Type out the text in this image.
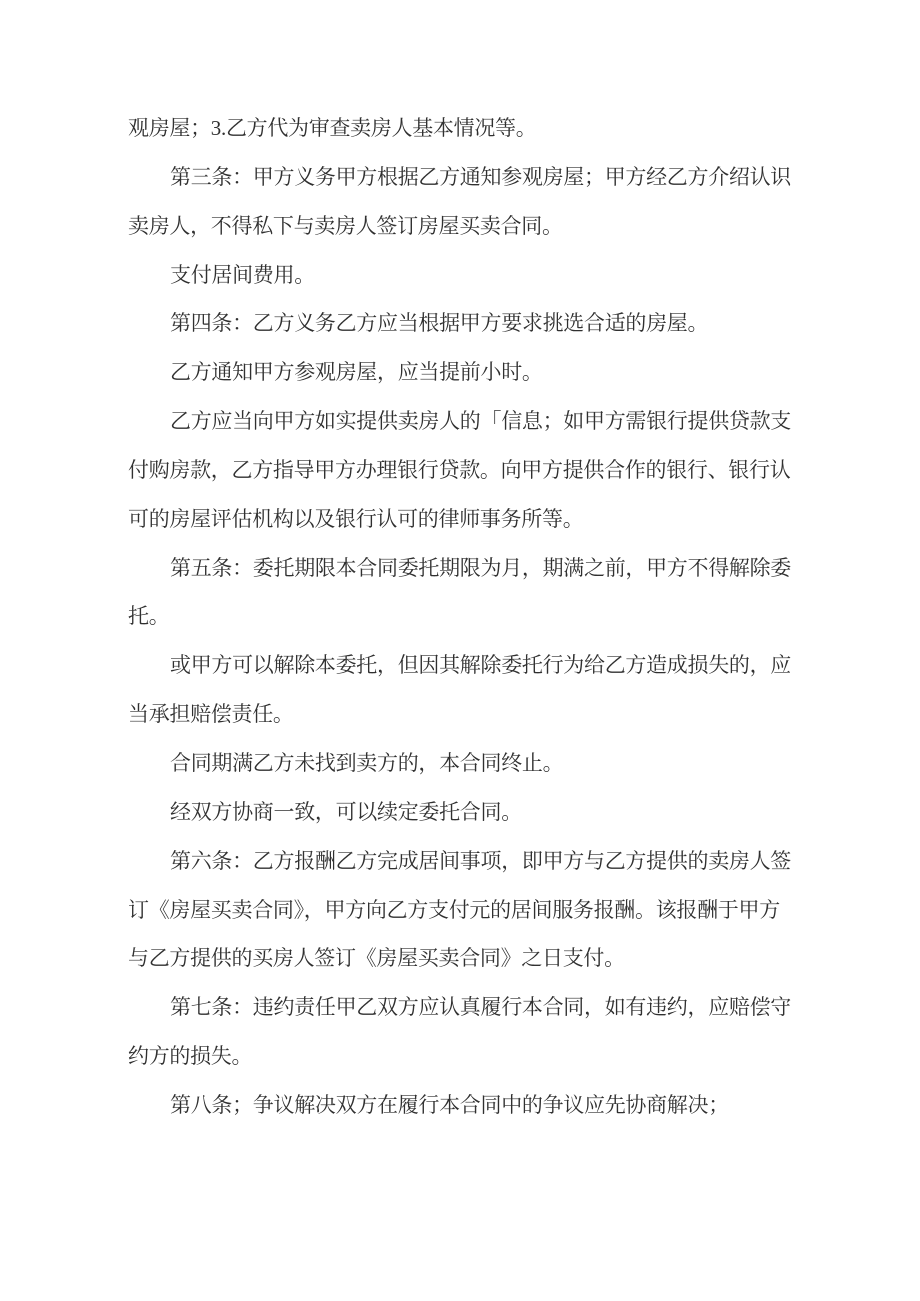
观房屋；3.乙方代为审查卖房人基本情况等。
第三条：甲方义务甲方根据乙方通知参观房屋；甲方经乙方介绍认识
卖房人，不得私下与卖房人签订房屋买卖合同。
支付居间费用。
第四条：乙方义务乙方应当根据甲方要求挑选合适的房屋。
乙方通知甲方参观房屋，应当提前小时。
乙方应当向甲方如实提供卖房人的「信息；如甲方需银行提供贷款支
付购房款，乙方指导甲方办理银行贷款。向甲方提供合作的银行、银行认
可的房屋评估机构以及银行认可的律师事务所等。
第五条：委托期限本合同委托期限为月，期满之前，甲方不得解除委
托。
或甲方可以解除本委托，但因其解除委托行为给乙方造成损失的，应
当承担赔偿责任。
合同期满乙方未找到卖方的，本合同终止。
经双方协商一致，可以续定委托合同。
第六条：乙方报酬乙方完成居间事项，即甲方与乙方提供的卖房人签
订《房屋买卖合同》，甲方向乙方支付元的居间服务报酬。该报酬于甲方
与乙方提供的买房人签订《房屋买卖合同》之日支付。
第七条：违约责任甲乙双方应认真履行本合同，如有违约，应赔偿守
约方的损失。
第八条；争议解决双方在履行本合同中的争议应先协商解决；
